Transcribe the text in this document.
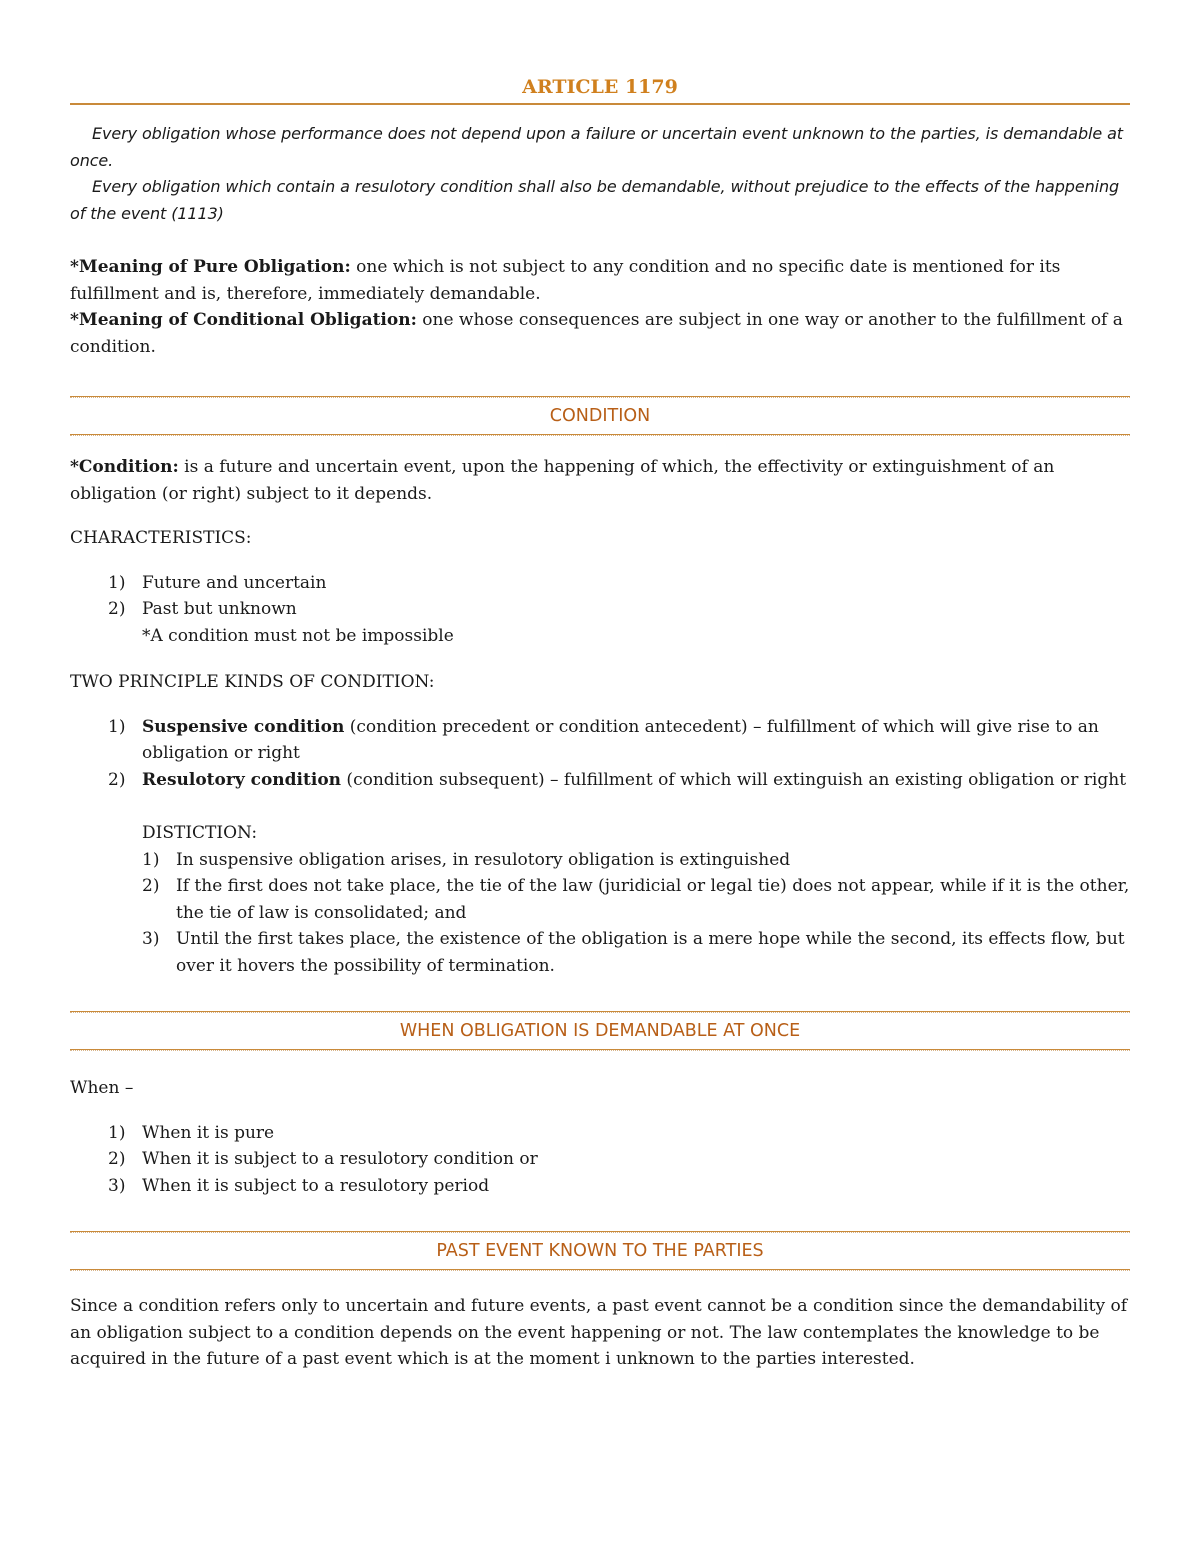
ARTICLE 1179

Every obligation whose performance does not depend upon a failure or uncertain event unknown to the parties, is demandable at once.

Every obligation which contain a resulotory condition shall also be demandable, without prejudice to the effects of the happening of the event (1113)

*Meaning of Pure Obligation: one which is not subject to any condition and no specific date is mentioned for its fulfillment and is, therefore, immediately demandable.

*Meaning of Conditional Obligation: one whose consequences are subject in one way or another to the fulfillment of a condition.

CONDITION

*Condition: is a future and uncertain event, upon the happening of which, the effectivity or extinguishment of an obligation (or right) subject to it depends.

CHARACTERISTICS:

1) Future and uncertain
2) Past but unknown

*A condition must not be impossible

TWO PRINCIPLE KINDS OF CONDITION:

1) Suspensive condition (condition precedent or condition antecedent) – fulfillment of which will give rise to an obligation or right
2) Resulotory condition (condition subsequent) – fulfillment of which will extinguish an existing obligation or right

DISTICTION:

1) In suspensive obligation arises, in resulotory obligation is extinguished
2) If the first does not take place, the tie of the law (juridicial or legal tie) does not appear, while if it is the other, the tie of law is consolidated; and
3) Until the first takes place, the existence of the obligation is a mere hope while the second, its effects flow, but over it hovers the possibility of termination.
WHEN OBLIGATION IS DEMANDABLE AT ONCE

When –

1) When it is pure
2) When it is subject to a resulotory condition or
3) When it is subject to a resulotory period
PAST EVENT KNOWN TO THE PARTIES

Since a condition refers only to uncertain and future events, a past event cannot be a condition since the demandability of an obligation subject to a condition depends on the event happening or not. The law contemplates the knowledge to be acquired in the future of a past event which is at the moment i unknown to the parties interested.
